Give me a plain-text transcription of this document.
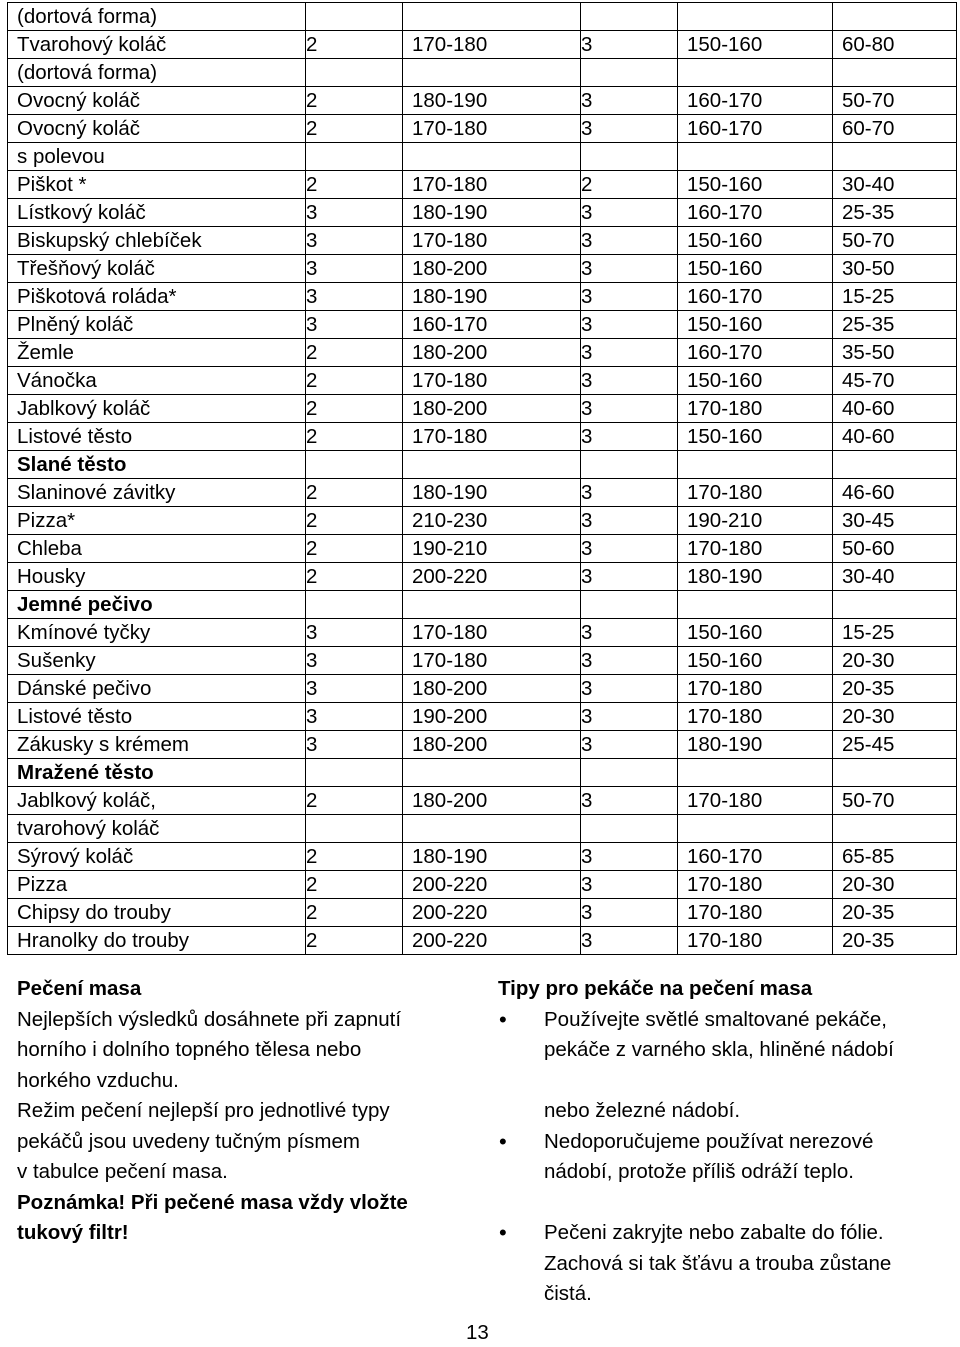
(dortová forma)					
Tvarohový koláč	2	170-180	3	150-160	60-80
(dortová forma)					
Ovocný koláč	2	180-190	3	160-170	50-70
Ovocný koláč	2	170-180	3	160-170	60-70
s polevou					
Piškot *	2	170-180	2	150-160	30-40
Lístkový koláč	3	180-190	3	160-170	25-35
Biskupský chlebíček	3	170-180	3	150-160	50-70
Třešňový koláč	3	180-200	3	150-160	30-50
Piškotová roláda*	3	180-190	3	160-170	15-25
Plněný koláč	3	160-170	3	150-160	25-35
Žemle	2	180-200	3	160-170	35-50
Vánočka	2	170-180	3	150-160	45-70
Jablkový koláč	2	180-200	3	170-180	40-60
Listové těsto	2	170-180	3	150-160	40-60
Slané těsto					
Slaninové závitky	2	180-190	3	170-180	46-60
Pizza*	2	210-230	3	190-210	30-45
Chleba	2	190-210	3	170-180	50-60
Housky	2	200-220	3	180-190	30-40
Jemné pečivo					
Kmínové tyčky	3	170-180	3	150-160	15-25
Sušenky	3	170-180	3	150-160	20-30
Dánské pečivo	3	180-200	3	170-180	20-35
Listové těsto	3	190-200	3	170-180	20-30
Zákusky s krémem	3	180-200	3	180-190	25-45
Mražené těsto					
Jablkový koláč,	2	180-200	3	170-180	50-70
tvarohový koláč					
Sýrový koláč	2	180-190	3	160-170	65-85
Pizza	2	200-220	3	170-180	20-30
Chipsy do trouby	2	200-220	3	170-180	20-35
Hranolky do trouby	2	200-220	3	170-180	20-35

Pečení masa

Nejlepších výsledků dosáhnete při zapnutí

horního i dolního topného tělesa nebo

horkého vzduchu.

Režim pečení nejlepší pro jednotlivé typy

pekáčů jsou uvedeny tučným písmem

v tabulce pečení masa.

Poznámka! Při pečené masa vždy vložte

tukový filtr!

Tipy pro pekáče na pečení masa

• Používejte světlé smaltované pekáče,

pekáče z varného skla, hliněné nádobí

nebo železné nádobí.

• Nedoporučujeme používat nerezové

nádobí, protože příliš odráží teplo.

• Pečeni zakryjte nebo zabalte do fólie.

Zachová si tak šťávu a trouba zůstane

čistá.

13
